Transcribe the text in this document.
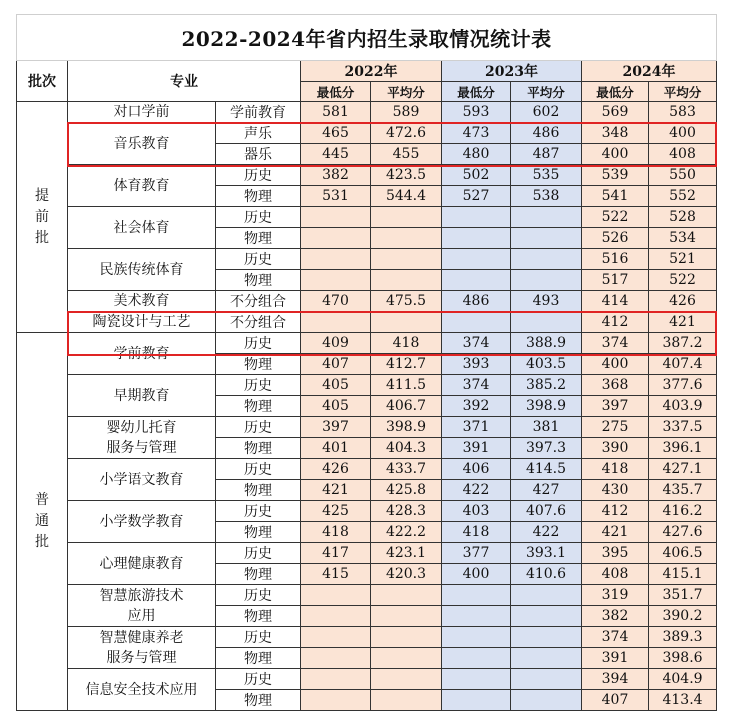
2022-2024年省内招生录取情况统计表								
批次	专业		2022年		2023年		2024年	
			最低分	平均分	最低分	平均分	最低分	平均分

提
前
批	对口学前	学前教育	581	589	593	602	569	583

	音乐教育	声乐	465	472.6	473	486	348	400
		器乐	445	455	480	487	400	408

	体育教育	历史	382	423.5	502	535	539	550
		物理	531	544.4	527	538	541	552

	社会体育	历史					522	528
		物理					526	534

	民族传统体育	历史					516	521
		物理					517	522

	美术教育	不分组合	470	475.5	486	493	414	426

	陶瓷设计与工艺	不分组合					412	421

普
通
批	学前教育	历史	409	418	374	388.9	374	387.2
		物理	407	412.7	393	403.5	400	407.4

	早期教育	历史	405	411.5	374	385.2	368	377.6
		物理	405	406.7	392	398.9	397	403.9

	婴幼儿托育
服务与管理	历史	397	398.9	371	381	275	337.5
		物理	401	404.3	391	397.3	390	396.1

	小学语文教育	历史	426	433.7	406	414.5	418	427.1
		物理	421	425.8	422	427	430	435.7

	小学数学教育	历史	425	428.3	403	407.6	412	416.2
		物理	418	422.2	418	422	421	427.6

	心理健康教育	历史	417	423.1	377	393.1	395	406.5
		物理	415	420.3	400	410.6	408	415.1

	智慧旅游技术
应用	历史					319	351.7
		物理					382	390.2

	智慧健康养老
服务与管理	历史					374	389.3
		物理					391	398.6

	信息安全技术应用	历史					394	404.9
		物理					407	413.4
